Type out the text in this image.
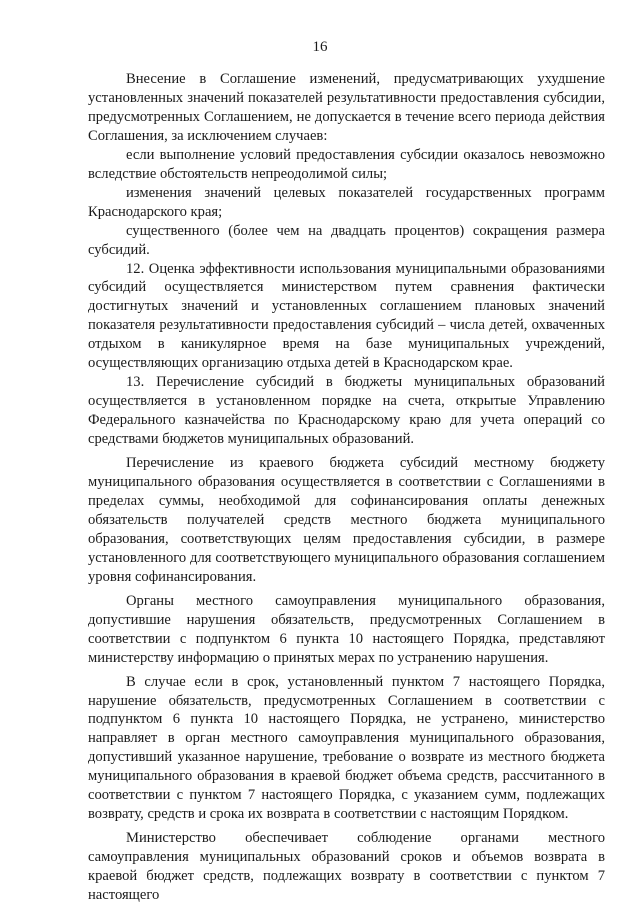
16

Внесение в Соглашение изменений, предусматривающих ухудшение установленных значений показателей результативности предоставления субсидии, предусмотренных Соглашением, не допускается в течение всего периода действия Соглашения, за исключением случаев:

если выполнение условий предоставления субсидии оказалось невозможно вследствие обстоятельств непреодолимой силы;

изменения значений целевых показателей государственных программ Краснодарского края;

существенного (более чем на двадцать процентов) сокращения размера субсидий.

12. Оценка эффективности использования муниципальными образованиями субсидий осуществляется министерством путем сравнения фактически достигнутых значений и установленных соглашением плановых значений показателя результативности предоставления субсидий – числа детей, охваченных отдыхом в каникулярное время на базе муниципальных учреждений, осуществляющих организацию отдыха детей в Краснодарском крае.

13. Перечисление субсидий в бюджеты муниципальных образований осуществляется в установленном порядке на счета, открытые Управлению Федерального казначейства по Краснодарскому краю для учета операций со средствами бюджетов муниципальных образований.

Перечисление из краевого бюджета субсидий местному бюджету муниципального образования осуществляется в соответствии с Соглашениями в пределах суммы, необходимой для софинансирования оплаты денежных обязательств получателей средств местного бюджета муниципального образования, соответствующих целям предоставления субсидии, в размере установленного для соответствующего муниципального образования соглашением уровня софинансирования.

Органы местного самоуправления муниципального образования, допустившие нарушения обязательств, предусмотренных Соглашением в соответствии с подпунктом 6 пункта 10 настоящего Порядка, представляют министерству информацию о принятых мерах по устранению нарушения.

В случае если в срок, установленный пунктом 7 настоящего Порядка, нарушение обязательств, предусмотренных Соглашением в соответствии с подпунктом 6 пункта 10 настоящего Порядка, не устранено, министерство направляет в орган местного самоуправления муниципального образования, допустивший указанное нарушение, требование о возврате из местного бюджета муниципального образования в краевой бюджет объема средств, рассчитанного в соответствии с пунктом 7 настоящего Порядка, с указанием сумм, подлежащих возврату, средств и срока их возврата в соответствии с настоящим Порядком.

Министерство обеспечивает соблюдение органами местного самоуправления муниципальных образований сроков и объемов возврата в краевой бюджет средств, подлежащих возврату в соответствии с пунктом 7 настоящего
